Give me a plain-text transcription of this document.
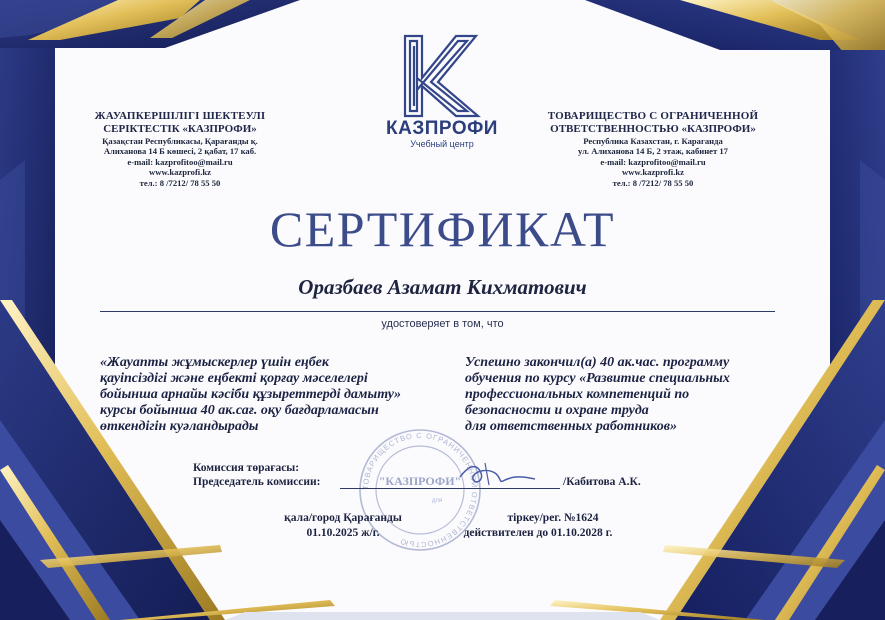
КАЗПРОФИ
Учебный центр
ЖАУАПКЕРШІЛІГІ ШЕКТЕУЛІ
СЕРІКТЕСТІК «КАЗПРОФИ»
Қазақстан Республикасы, Қарағанды қ.
Алиханова 14 Б көшесі, 2 қабат, 17 каб.
e-mail: kazprofitoo@mail.ru
www.kazprofi.kz
тел.: 8 /7212/ 78 55 50
ТОВАРИЩЕСТВО С ОГРАНИЧЕННОЙ
ОТВЕТСТВЕННОСТЬЮ «КАЗПРОФИ»
Республика Казахстан, г. Караганда
ул. Алиханова 14 Б, 2 этаж, кабинет 17
e-mail: kazprofitoo@mail.ru
www.kazprofi.kz
тел.: 8 /7212/ 78 55 50
СЕРТИФИКАТ
Оразбаев Азамат Кихматович
удостоверяет в том, что
«Жауапты жұмыскерлер үшін еңбек
қауіпсіздігі және еңбекті қорғау мәселелері
бойынша арнайы кәсіби құзыреттерді дамыту»
курсы бойынша 40 ак.сағ. оқу бағдарламасын
өткендігін куәландырады
Успешно закончил(а) 40 ак.час. программу
обучения по курсу «Развитие специальных
профессиональных компетенций по
безопасности и охране труда
для ответственных работников»
ТОВАРИЩЕСТВО С ОГРАНИЧЕННОЙ ОТВЕТСТВЕННОСТЬЮ
"КАЗПРОФИ"
для
Комиссия төрағасы:
Председатель комиссии:	/Кабитова А.К.
қала/город Қарағанды
01.10.2025 ж/г.
тіркеу/рег. №1624
действителен до 01.10.2028 г.
